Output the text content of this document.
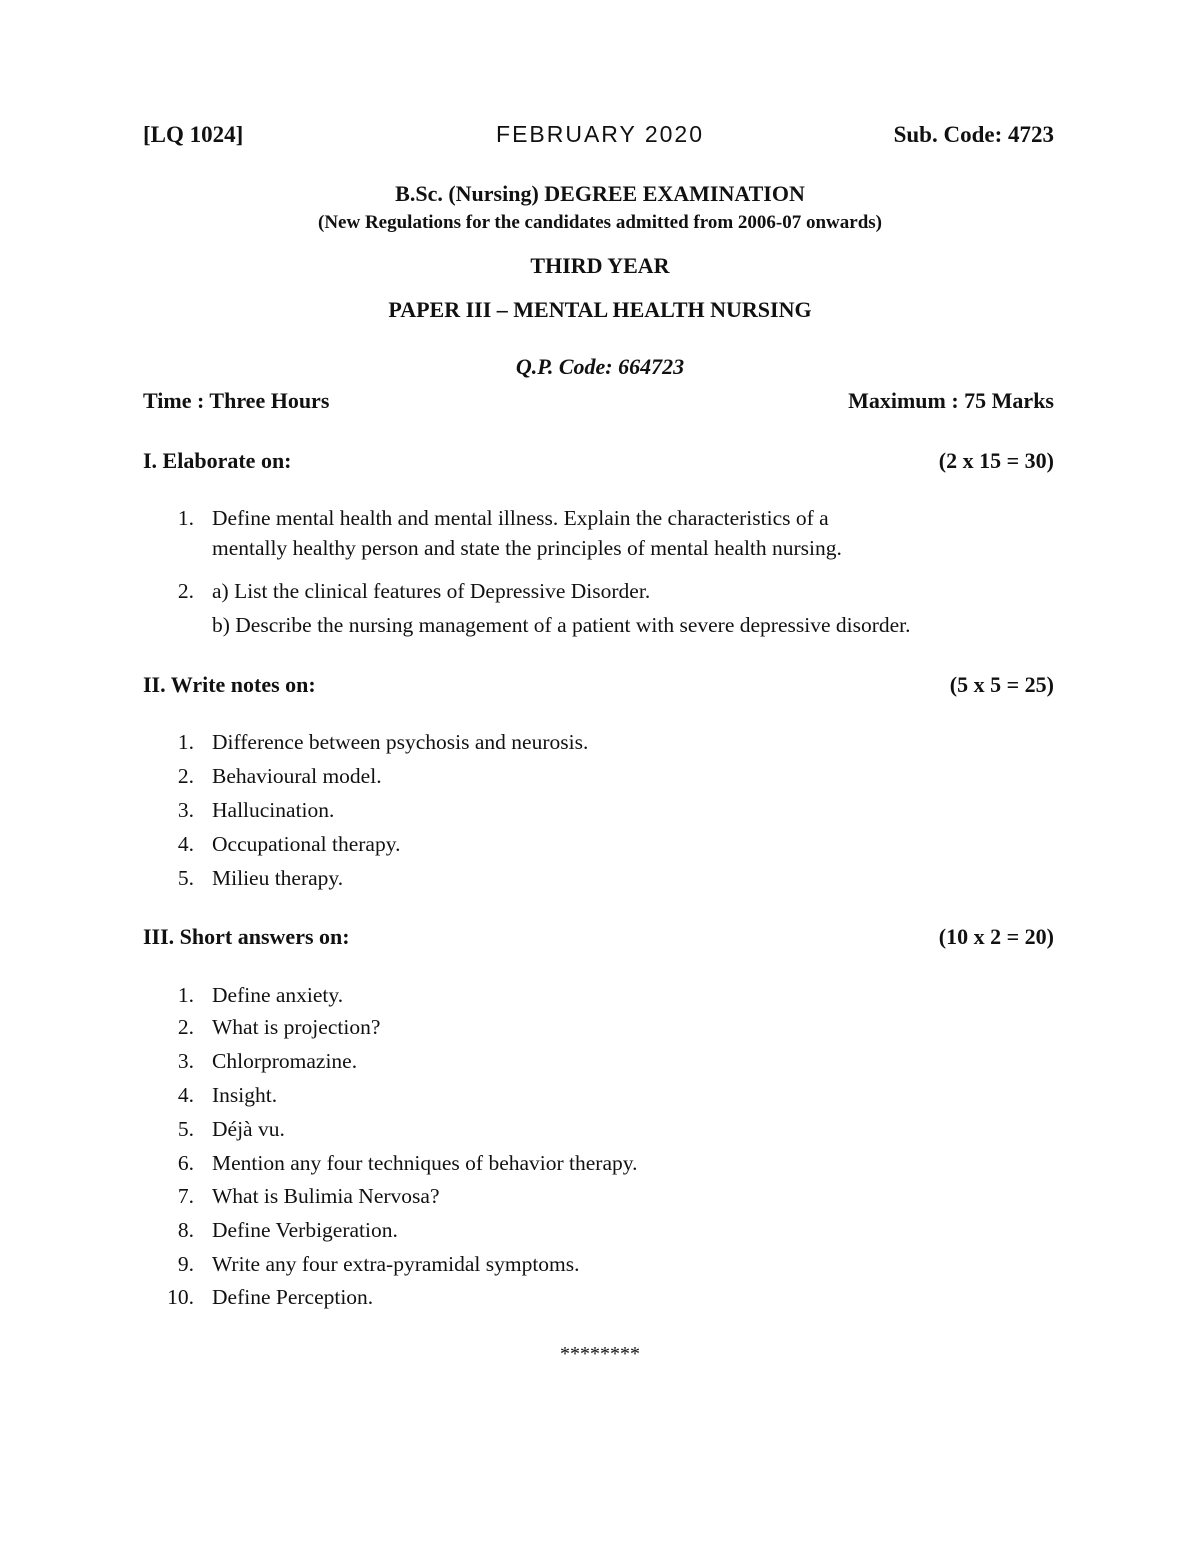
[LQ 1024]	FEBRUARY 2020	Sub. Code: 4723
B.Sc. (Nursing) DEGREE EXAMINATION
(New Regulations for the candidates admitted from 2006-07 onwards)
THIRD YEAR
PAPER III – MENTAL HEALTH NURSING
Q.P. Code: 664723
Time : Three Hours	Maximum : 75 Marks
I. Elaborate on:	(2 x 15 = 30)
1. Define mental health and mental illness. Explain the characteristics of a
mentally healthy person and state the principles of mental health nursing.
2. a) List the clinical features of Depressive Disorder.
b) Describe the nursing management of a patient with severe depressive disorder.
II. Write notes on:	(5 x 5 = 25)
1. Difference between psychosis and neurosis.
2. Behavioural model.
3. Hallucination.
4. Occupational therapy.
5. Milieu therapy.
III. Short answers on:	(10 x 2 = 20)
1. Define anxiety.
2. What is projection?
3. Chlorpromazine.
4. Insight.
5. Déjà vu.
6. Mention any four techniques of behavior therapy.
7. What is Bulimia Nervosa?
8. Define Verbigeration.
9. Write any four extra-pyramidal symptoms.
10. Define Perception.
********
